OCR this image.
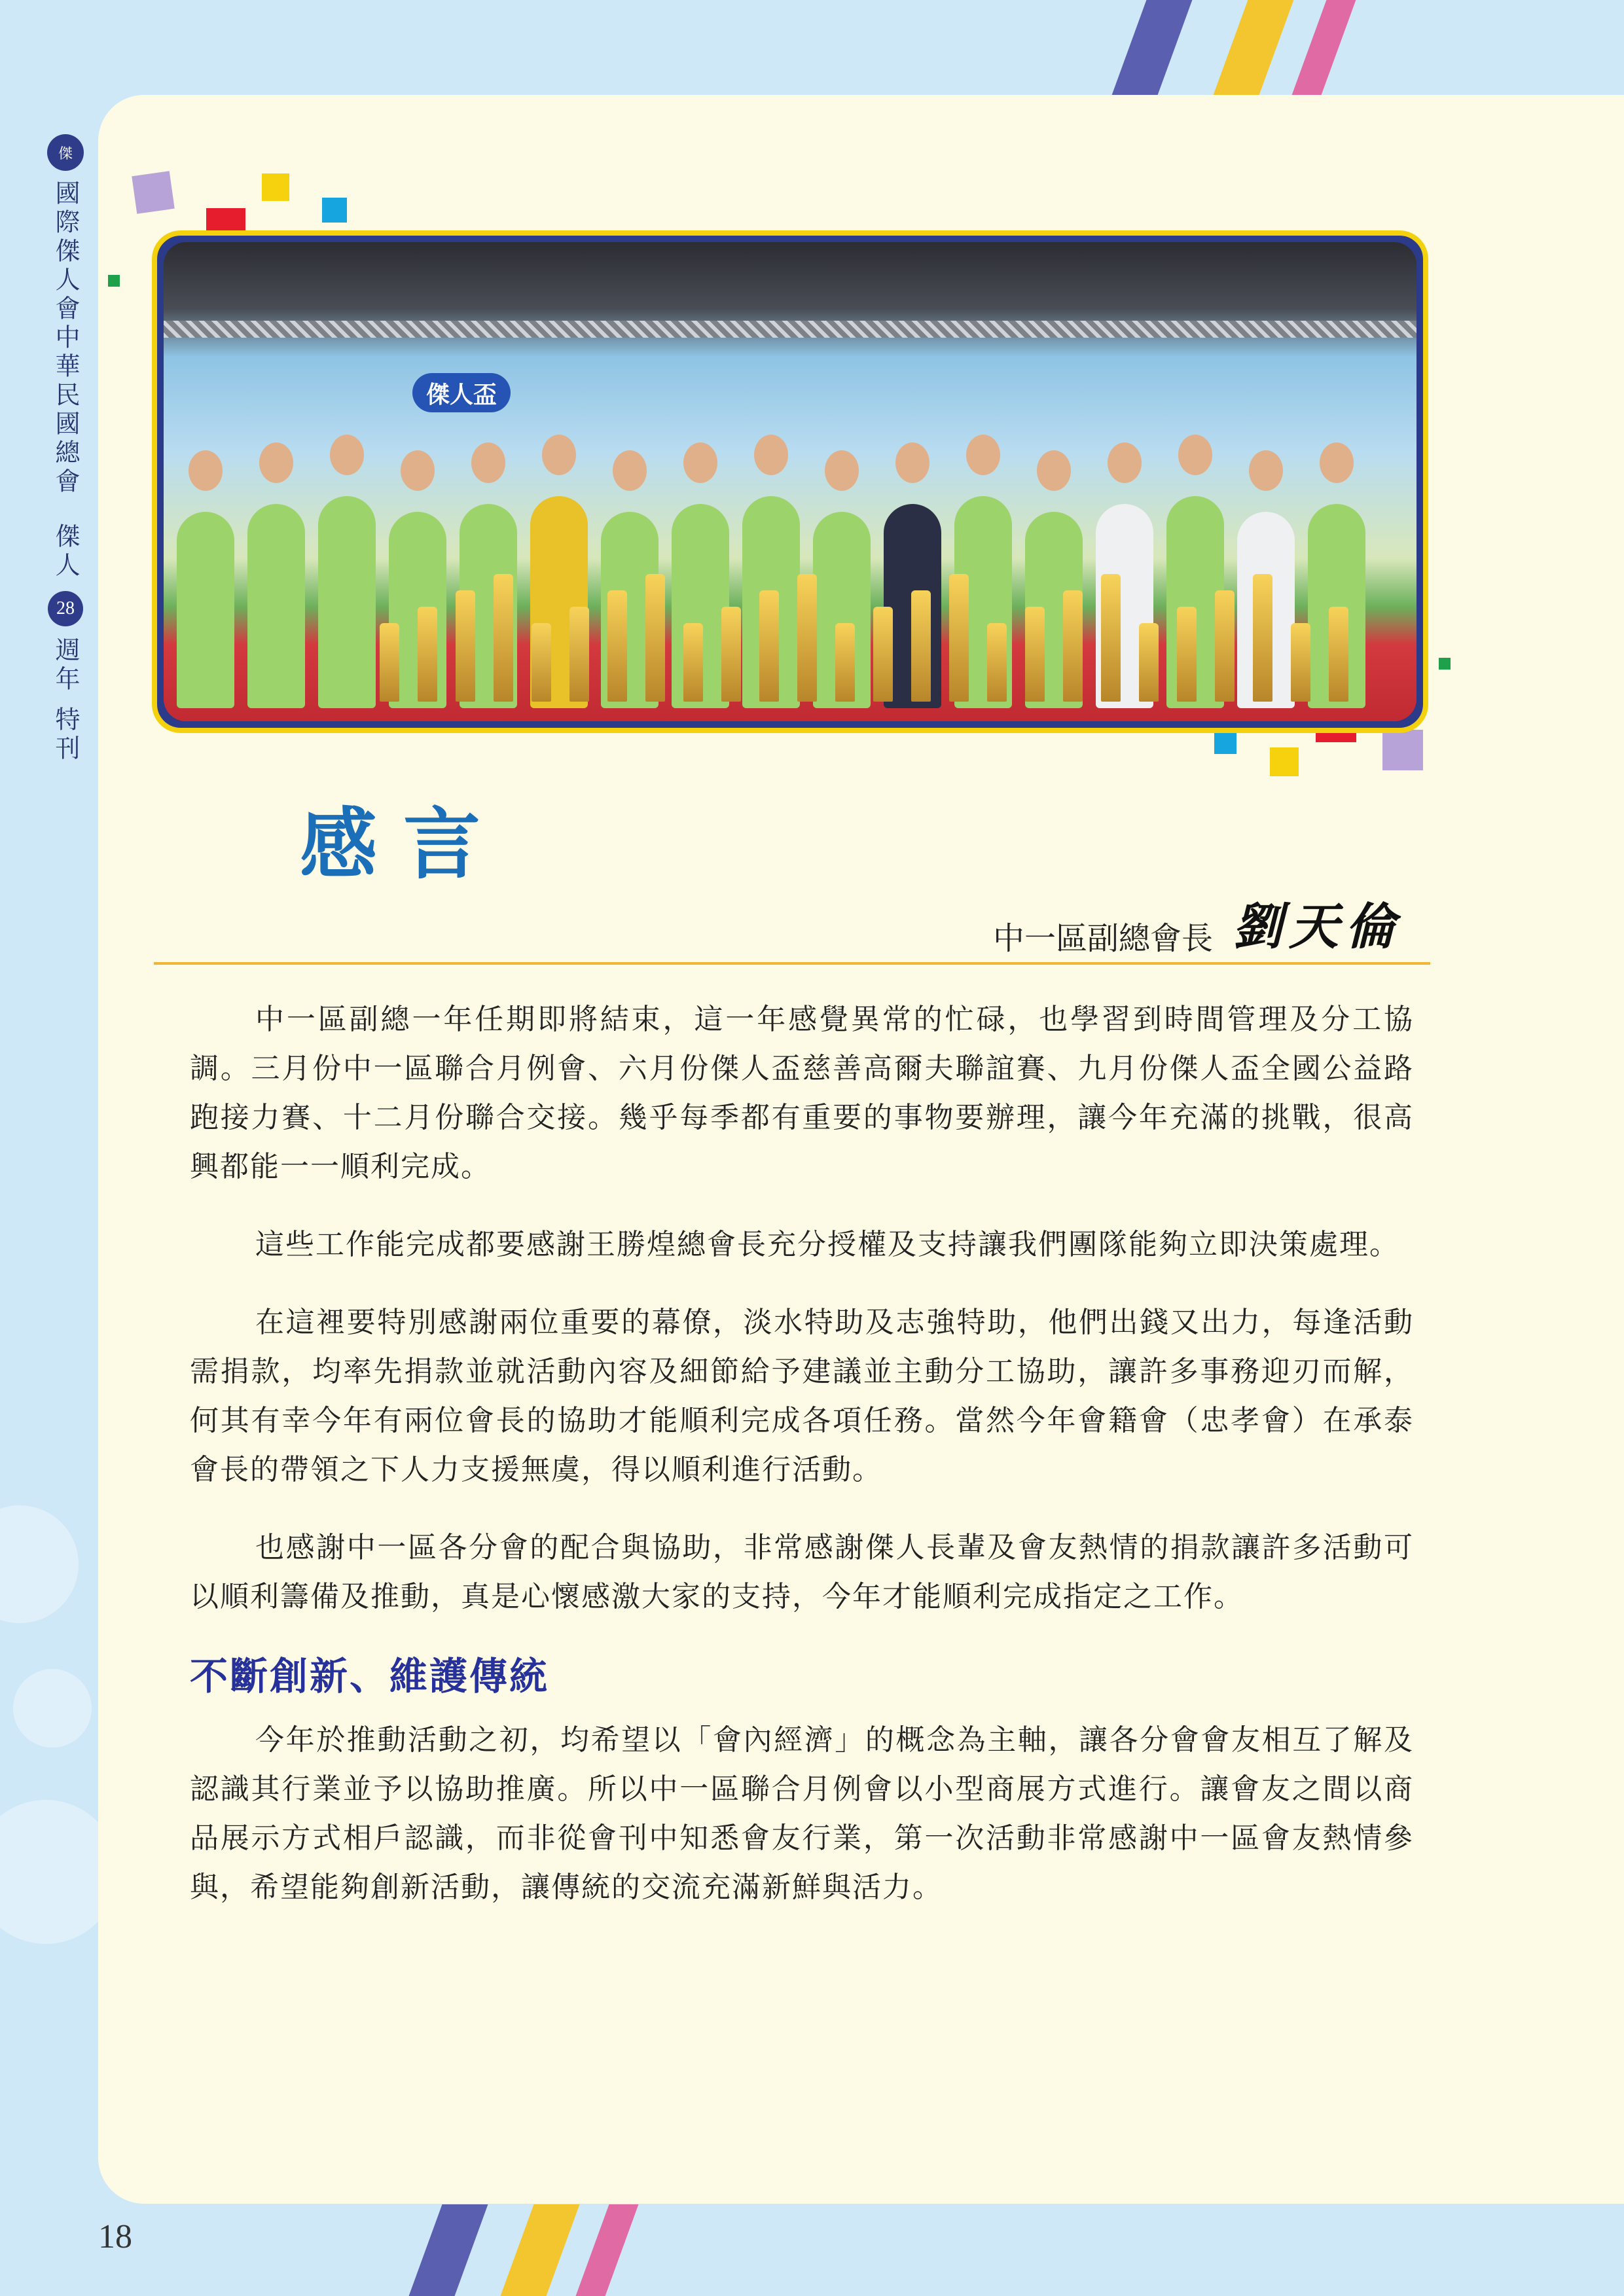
傑
國際傑人會中華民國總會
傑人
28
週年 特刊
傑人盃
感言
中一區副總會長 劉天倫

中一區副總一年任期即將結束，這一年感覺異常的忙碌，也學習到時間管理及分工協調。三月份中一區聯合月例會、六月份傑人盃慈善高爾夫聯誼賽、九月份傑人盃全國公益路跑接力賽、十二月份聯合交接。幾乎每季都有重要的事物要辦理，讓今年充滿的挑戰，很高興都能一一順利完成。

這些工作能完成都要感謝王勝煌總會長充分授權及支持讓我們團隊能夠立即決策處理。

在這裡要特別感謝兩位重要的幕僚，淡水特助及志強特助，他們出錢又出力，每逢活動需捐款，均率先捐款並就活動內容及細節給予建議並主動分工協助，讓許多事務迎刃而解，何其有幸今年有兩位會長的協助才能順利完成各項任務。當然今年會籍會（忠孝會）在承泰會長的帶領之下人力支援無虞，得以順利進行活動。

也感謝中一區各分會的配合與協助，非常感謝傑人長輩及會友熱情的捐款讓許多活動可以順利籌備及推動，真是心懷感激大家的支持，今年才能順利完成指定之工作。

不斷創新、維護傳統

今年於推動活動之初，均希望以「會內經濟」的概念為主軸，讓各分會會友相互了解及認識其行業並予以協助推廣。所以中一區聯合月例會以小型商展方式進行。讓會友之間以商品展示方式相戶認識，而非從會刊中知悉會友行業，第一次活動非常感謝中一區會友熱情參與，希望能夠創新活動，讓傳統的交流充滿新鮮與活力。

18
